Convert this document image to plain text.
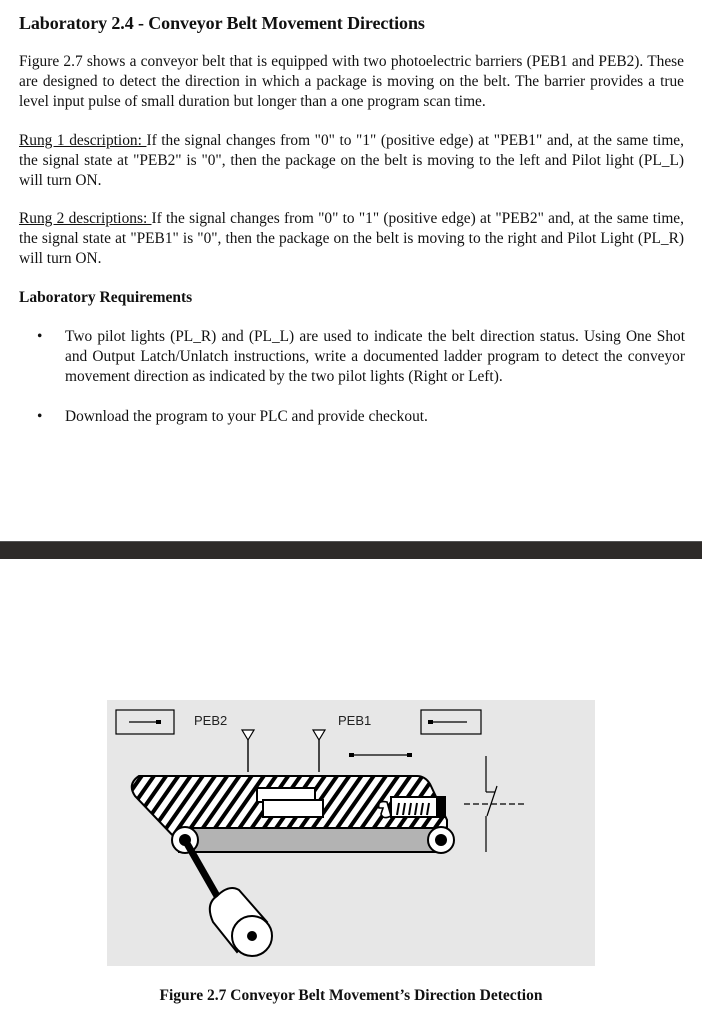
Laboratory 2.4 - Conveyor Belt Movement Directions
Figure 2.7 shows a conveyor belt that is equipped with two photoelectric barriers (PEB1 and PEB2). These are designed to detect the direction in which a package is moving on the belt. The barrier provides a true level input pulse of small duration but longer than a one program scan time.
Rung 1 description: If the signal changes from "0" to "1" (positive edge) at "PEB1" and, at the same time, the signal state at "PEB2" is "0", then the package on the belt is moving to the left and Pilot light (PL_L) will turn ON.
Rung 2 descriptions: If the signal changes from "0" to "1" (positive edge) at "PEB2" and, at the same time, the signal state at "PEB1" is "0", then the package on the belt is moving to the right and Pilot Light (PL_R) will turn ON.
Laboratory Requirements
• Two pilot lights (PL_R) and (PL_L) are used to indicate the belt direction status. Using One Shot and Output Latch/Unlatch instructions, write a documented ladder program to detect the conveyor movement direction as indicated by the two pilot lights (Right or Left).
• Download the program to your PLC and provide checkout.
PEB2	PEB1
Figure 2.7 Conveyor Belt Movement’s Direction Detection
